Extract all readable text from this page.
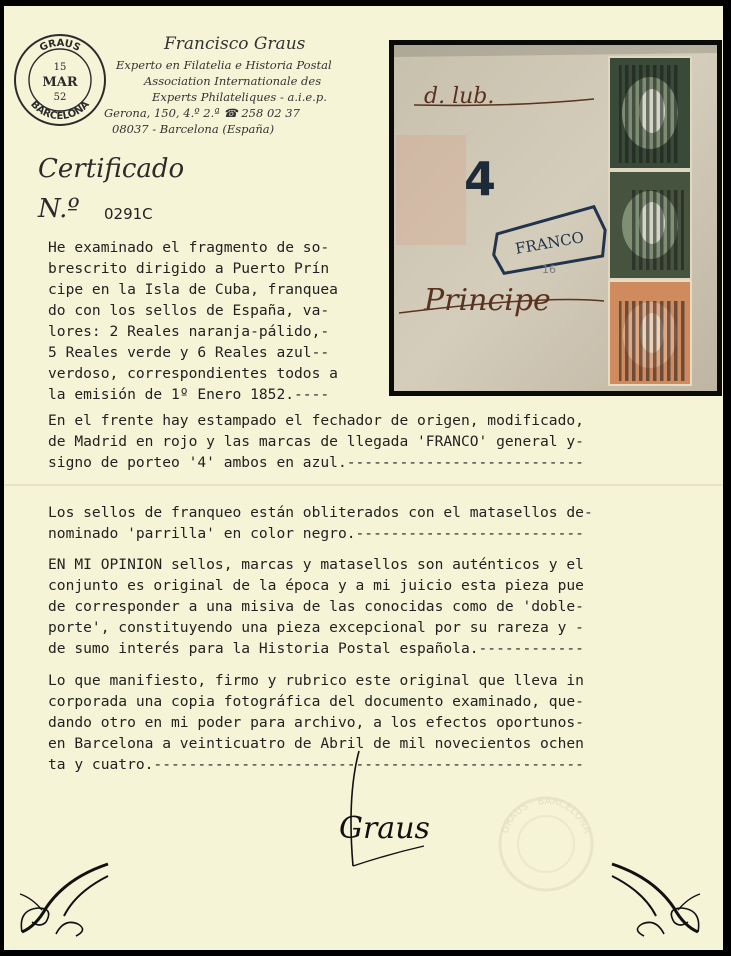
GRAUS
BARCELONA
15
MAR
52
Francisco Graus
Experto en Filatelia e Historia Postal
Association Internationale des
Experts Philateliques - a.i.e.p.
Gerona, 150, 4.º 2.ª ☎ 258 02 37
08037 - Barcelona (España)
Certificado
N.º 0291C
d. lub.
Principe
4
FRANCO
16
He examinado el fragmento de so-
brescrito dirigido a Puerto Prín
cipe en la Isla de Cuba, franquea
do con los sellos de España, va-
lores: 2 Reales naranja-pálido,-
5 Reales verde y 6 Reales azul--
verdoso, correspondientes todos a
la emisión de 1º Enero 1852.----
En el frente hay estampado el fechador de origen, modificado,
de Madrid en rojo y las marcas de llegada 'FRANCO' general y-
signo de porteo '4' ambos en azul.---------------------------
Los sellos de franqueo están obliterados con el matasellos de-
nominado 'parrilla' en color negro.--------------------------
EN MI OPINION sellos, marcas y matasellos son auténticos y el
conjunto es original de la época y a mi juicio esta pieza pue
de corresponder a una misiva de las conocidas como de 'doble-
porte', constituyendo una pieza excepcional por su rareza y -
de sumo interés para la Historia Postal española.------------
Lo que manifiesto, firmo y rubrico este original que lleva in
corporada una copia fotográfica del documento examinado, que-
dando otro en mi poder para archivo, a los efectos oportunos-
en Barcelona a veinticuatro de Abril de mil novecientos ochen
ta y cuatro.-------------------------------------------------
Graus	GRAUS · BARCELONA
